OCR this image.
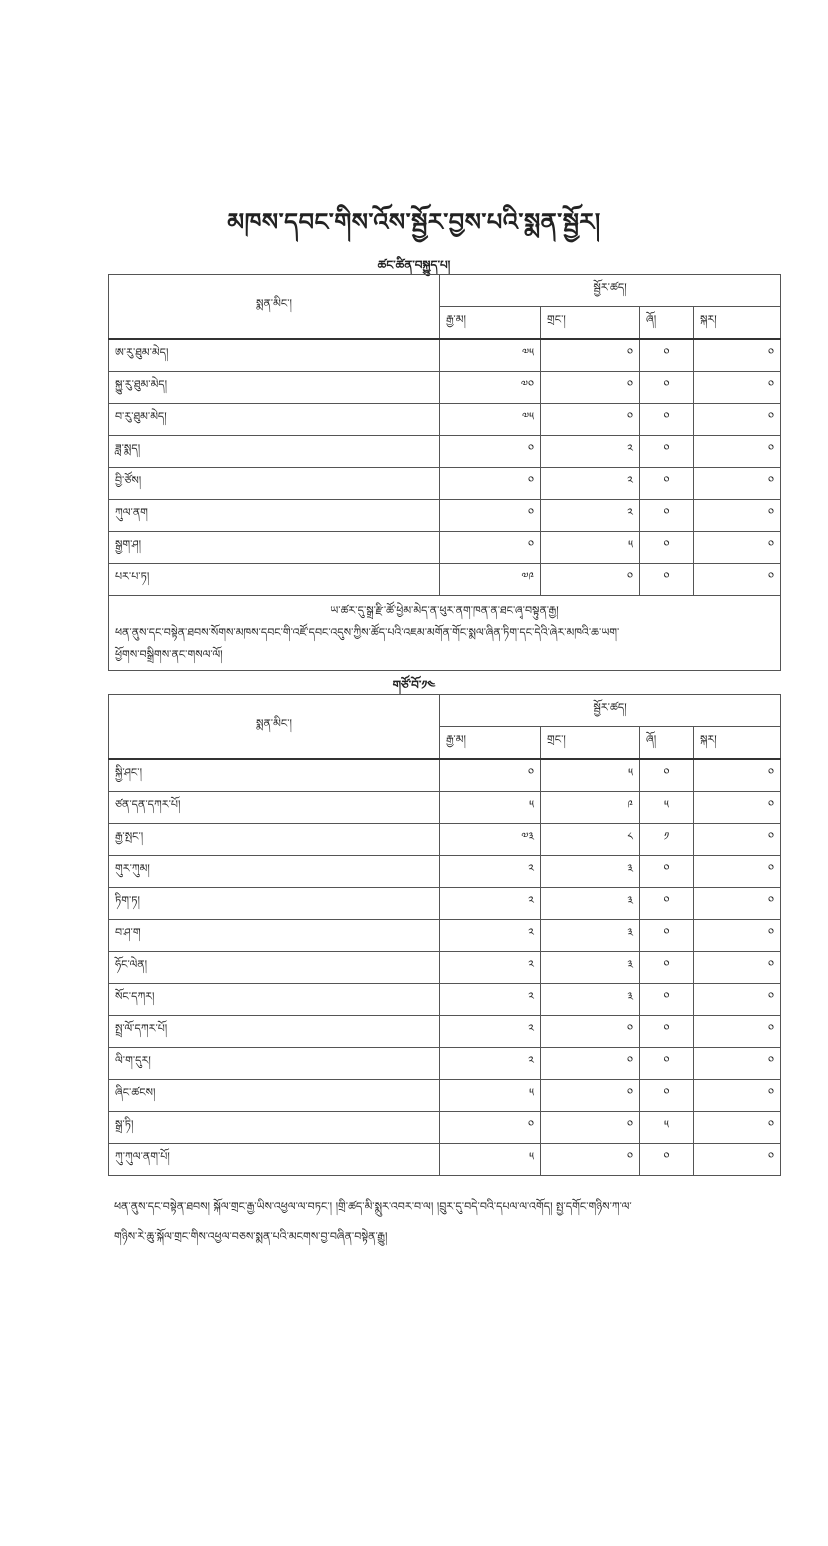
མཁས་དབང་གིས་འོས་སྦྱོར་བྱས་པའི་སྨན་སྦྱོར།
ཚང་ཚིན་བསྐྱུད་པ།
སྨན་མིང་།	སྦྱོར་ཚད།			
	རྒྱ་མ།	གྲང་།	ཞོ།	སྐར།
ཨ་རུ་ཐུམ་མེད།	༧༥	༠	༠	༠
སྐྱུ་རུ་ཐུམ་མེད།	༧༠	༠	༠	༠
བ་རུ་ཐུམ་མེད།	༧༥	༠	༠	༠
ཟླ་སྨད།	༠	༢	༠	༠
བྱི་ཙོས།	༠	༢	༠	༠
ཀུལ་ནག	༠	༢	༠	༠
སྒྱག་ཤ།	༠	༥	༠	༠
པར་པ་ཏ།	༧༩	༠	༠	༠

ཡ་ཚར་དུ་སྒྲ་རྫི་ཚོ་ཕྱེམ་མེད་ན་ཕུར་ནག་ཁན་ན་ཐང་ཞྭ་བསྟུན་རྒྱ།
ཕན་ནུས་དང་བསྟེན་ཐབས་སོགས་མཁས་དབང་གི་འཛོ་དབང་འདུས་ཀྱིས་ཚོད་པའི་འཇམ་མགོན་གོང་སྨལ་ཞིན་ཏིག་དང་དེའི་ཞེར་མཁའི་ཆ་ཡག་
ཕྱོགས་བསྒྲིགས་ནང་གསལ་ལོ།				
གཙོ་བོ་༡༤
སྨན་མིང་།	སྦྱོར་ཚད།			
	རྒྱ་མ།	གྲང་།	ཞོ།	སྐར།
སྐྱི་ཤང་།	༠	༥	༠	༠
ཙན་དན་དཀར་པོ།	༥	༩	༥	༠
རྒྱ་སྤང་།	༧༣	༨	༡	༠
གུར་ཀུམ།	༢	༣	༠	༠
ཏིག་ཏ།	༢	༣	༠	༠
བ་ཤ་ག	༢	༣	༠	༠
ཧོང་ལེན།	༢	༣	༠	༠
སོང་དཀར།	༢	༣	༠	༠
སྤྲ་ལོ་དཀར་པོ།	༢	༠	༠	༠
ལི་ག་དུར།	༢	༠	༠	༠
ཞིང་ཚངས།	༥	༠	༠	༠
སྒྲ་ཏི།	༠	༠	༥	༠
ཀུ་ཀུལ་ནག་པོ།	༥	༠	༠	༠
ཕན་ནུས་དང་བསྟེན་ཐབས། སྐོལ་གྲང་རྒྱ་ཡིས་འཕྱལ་ལ་བཏང་། །གྲི་ཚད་མི་སྨུར་འབར་བ་ལ། །བྲུར་དུ་བདེ་བའི་དཔལ་ལ་འགོད། སྤྱ་དགོང་གཉིས་ཀ་ལ་
གཉིས་རེ་ཆུ་སྐོལ་གྲང་གིས་འཕྱལ་བཅས་སྨན་པའི་མངགས་བྱ་བཞིན་བསྟེན་རྒྱུ།
